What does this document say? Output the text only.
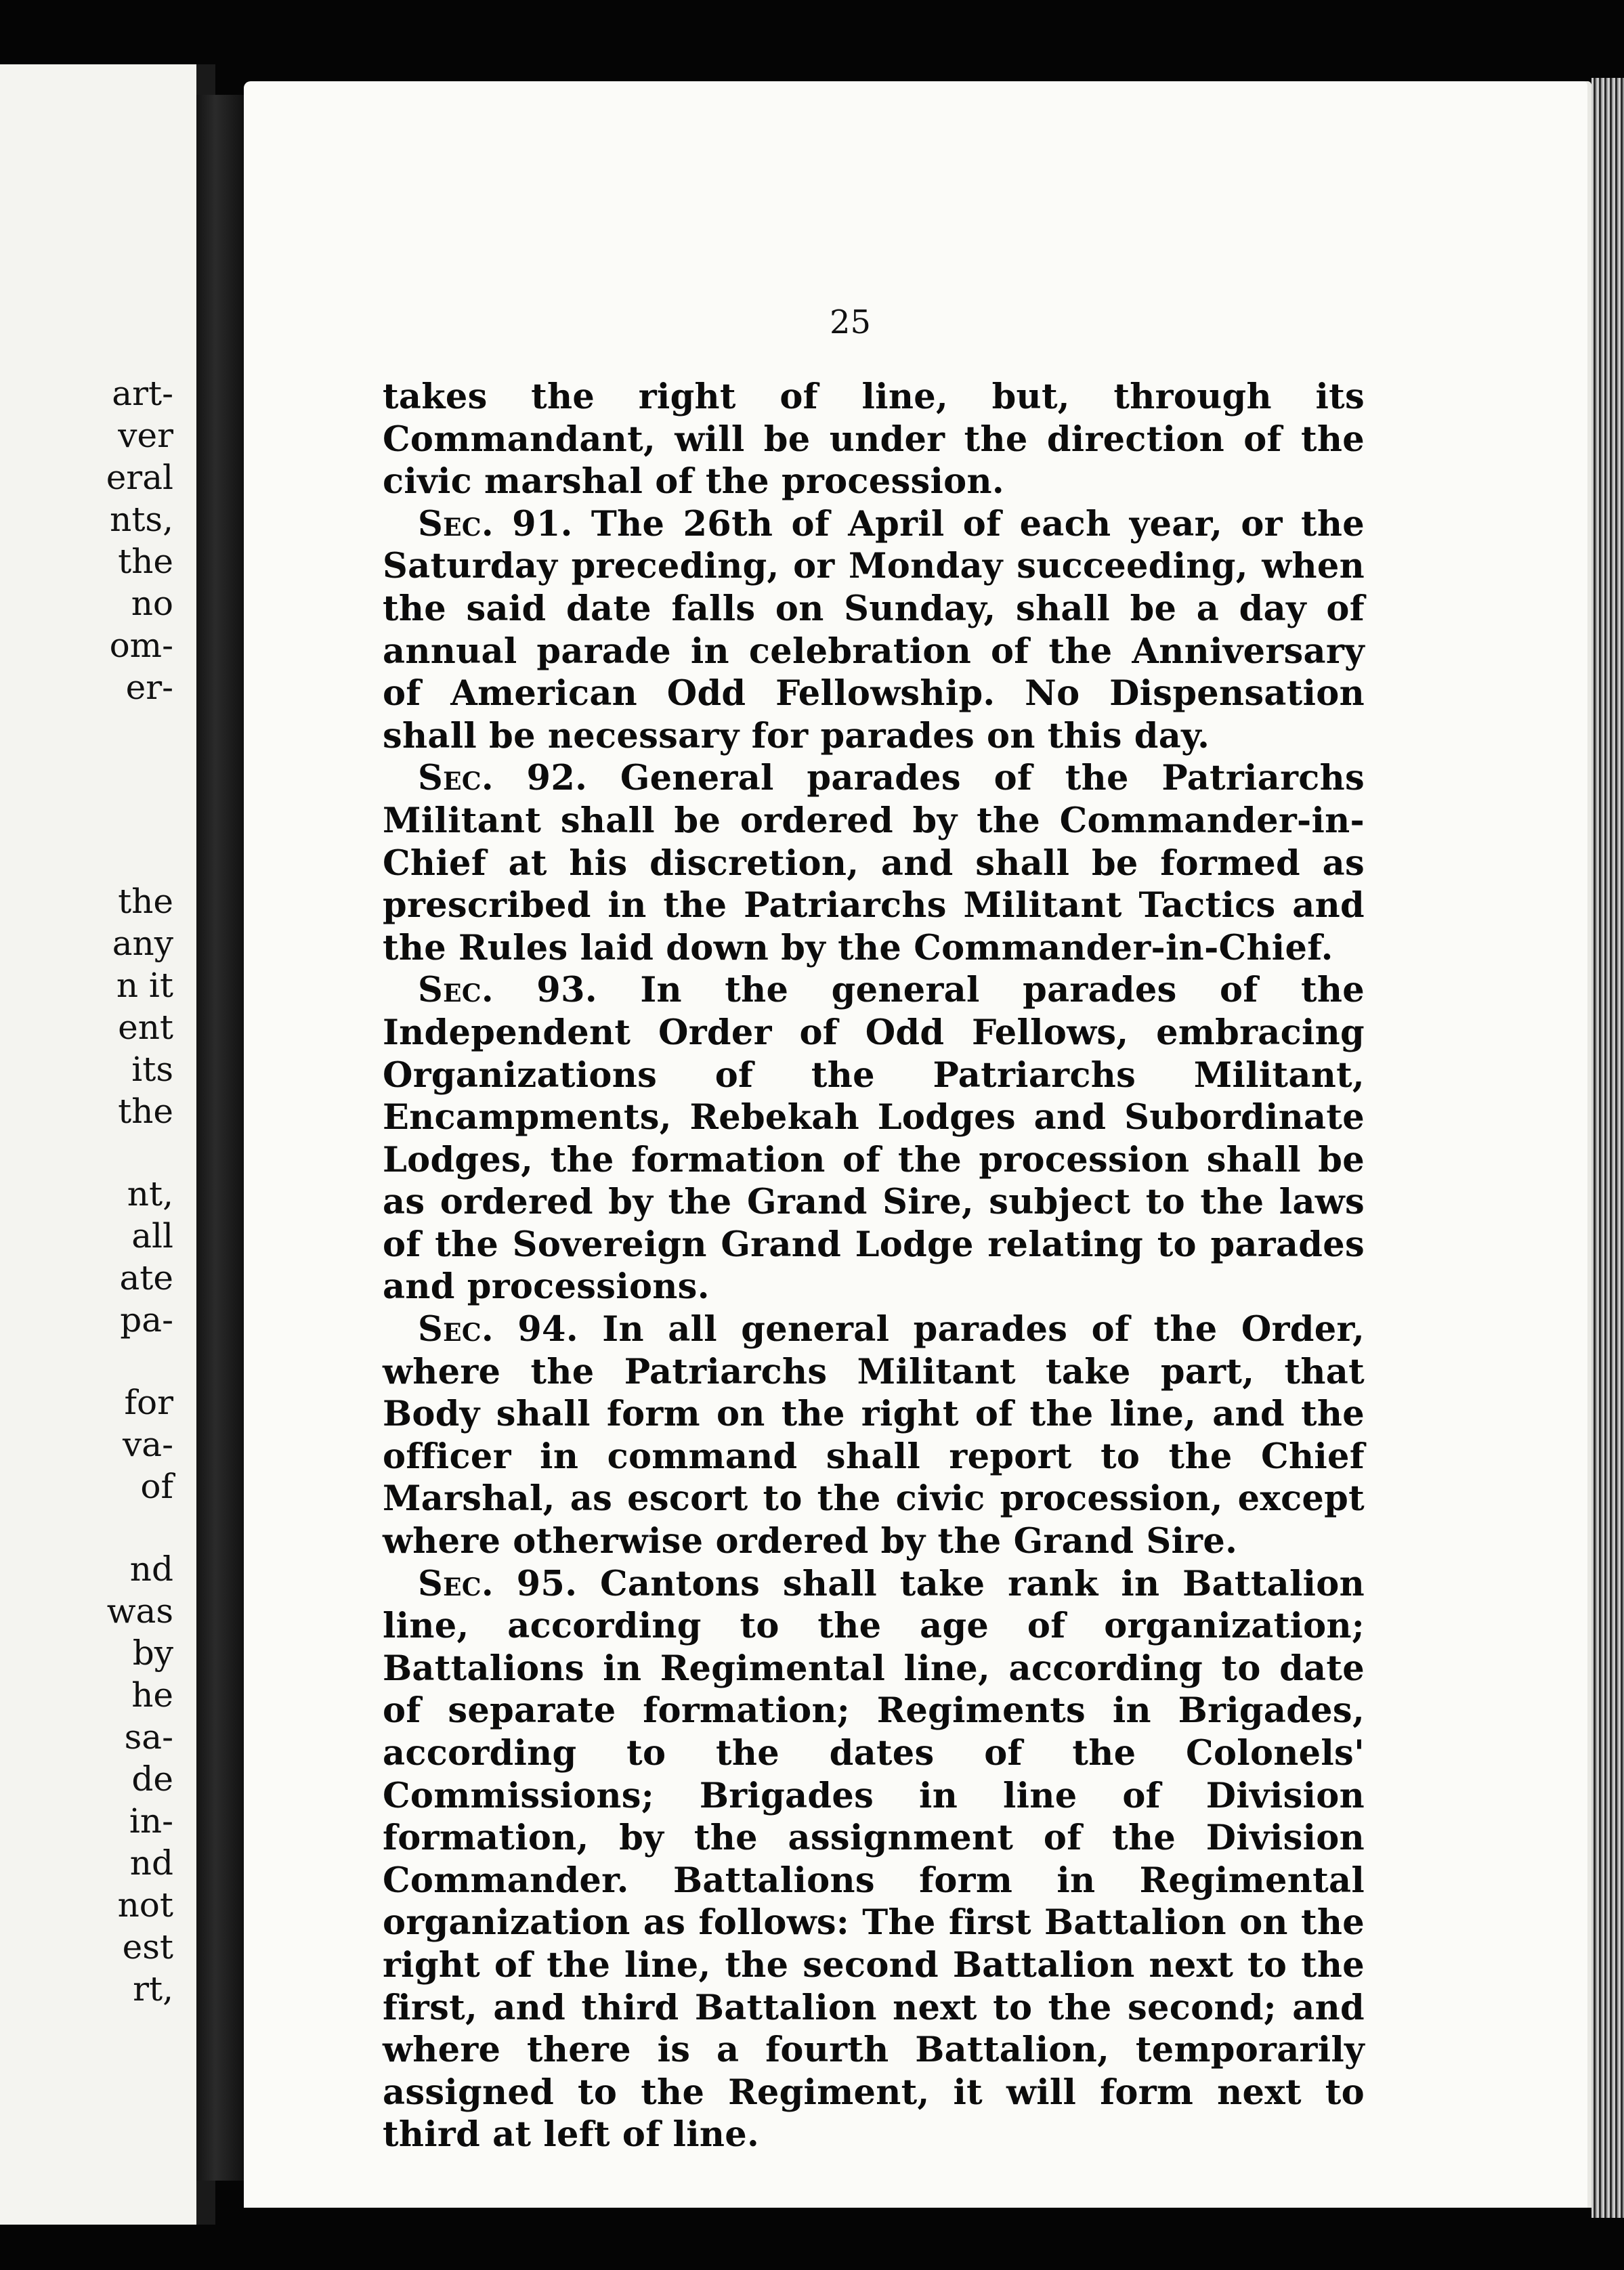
art-
ver
eral
nts,
the
no
om-
er-
the
any
n it
ent
its
the
nt,
all
ate
pa-
for
va-
of
nd
was
by
he
sa-
de
in-
nd
not
est
rt,
25

takes the right of line, but, through its Commandant, will be under the direction of the civic marshal of the procession.

Sec. 91. The 26th of April of each year, or the Saturday preceding, or Monday succeeding, when the said date falls on Sunday, shall be a day of annual parade in celebration of the Anniversary of American Odd Fellowship. No Dispensation shall be necessary for parades on this day.

Sec. 92. General parades of the Patriarchs Militant shall be ordered by the Commander-in-Chief at his discretion, and shall be formed as prescribed in the Patriarchs Militant Tactics and the Rules laid down by the Commander-in-Chief.

Sec. 93. In the general parades of the Independent Order of Odd Fellows, embracing Organizations of the Patriarchs Militant, Encampments, Rebekah Lodges and Subordinate Lodges, the formation of the procession shall be as ordered by the Grand Sire, subject to the laws of the Sovereign Grand Lodge relating to parades and processions.

Sec. 94. In all general parades of the Order, where the Patriarchs Militant take part, that Body shall form on the right of the line, and the officer in command shall report to the Chief Marshal, as escort to the civic procession, except where otherwise ordered by the Grand Sire.

Sec. 95. Cantons shall take rank in Battalion line, according to the age of organization; Battalions in Regimental line, according to date of separate formation; Regiments in Brigades, according to the dates of the Colonels' Commissions; Brigades in line of Division formation, by the assignment of the Division Commander. Battalions form in Regimental organization as follows: The first Battalion on the right of the line, the second Battalion next to the first, and third Battalion next to the second; and where there is a fourth Battalion, temporarily assigned to the Regiment, it will form next to third at left of line.
